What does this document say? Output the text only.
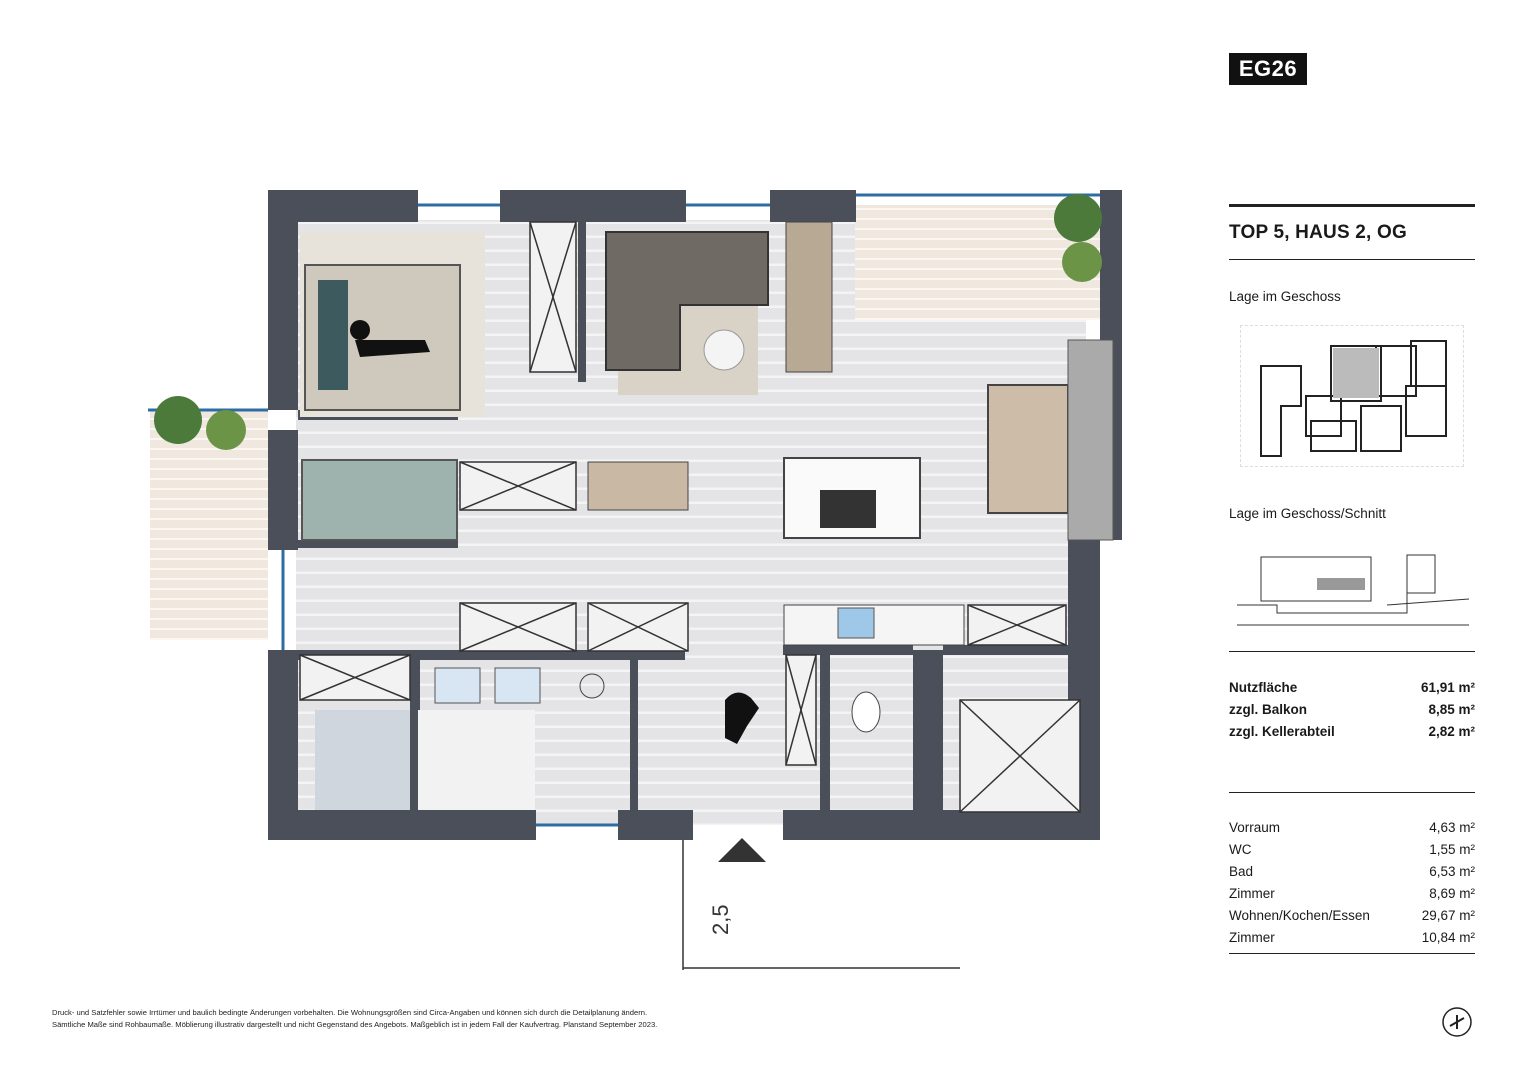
2,5
EG26
TOP 5, HAUS 2, OG
Lage im Geschoss
Lage im Geschoss/Schnitt
Nutzfläche	61,91 m²
zzgl. Balkon	8,85 m²
zzgl. Kellerabteil	2,82 m²
Vorraum	4,63 m²
WC	1,55 m²
Bad	6,53 m²
Zimmer	8,69 m²
Wohnen/Kochen/Essen	29,67 m²
Zimmer	10,84 m²
Druck- und Satzfehler sowie Irrtümer und baulich bedingte Änderungen vorbehalten. Die Wohnungsgrößen sind Circa-Angaben und können sich durch die Detailplanung ändern.
Sämtliche Maße sind Rohbaumaße. Möblierung illustrativ dargestellt und nicht Gegenstand des Angebots. Maßgeblich ist in jedem Fall der Kaufvertrag. Planstand September 2023.
